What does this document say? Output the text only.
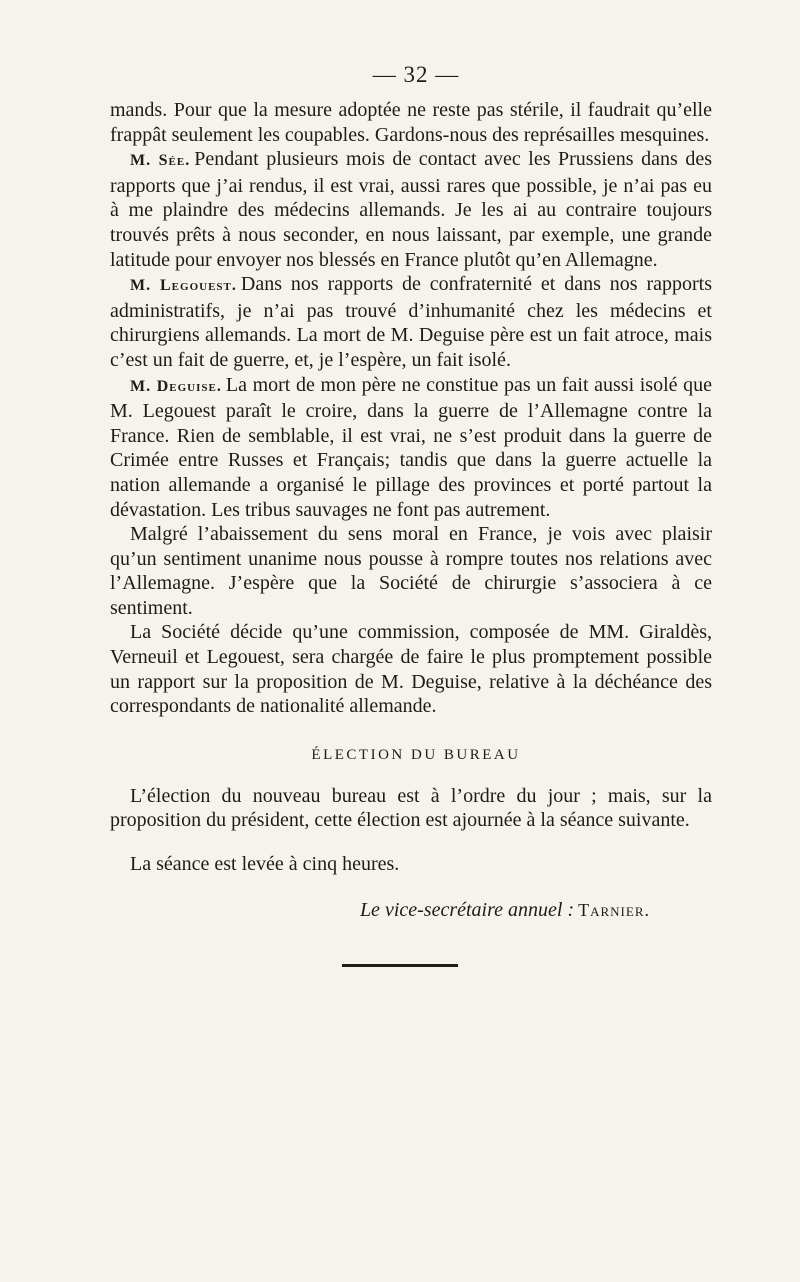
— 32 —

mands. Pour que la mesure adoptée ne reste pas stérile, il faudrait qu’elle frappât seulement les coupables. Gardons-nous des représailles mesquines.

M. Sée. Pendant plusieurs mois de contact avec les Prussiens dans des rapports que j’ai rendus, il est vrai, aussi rares que possible, je n’ai pas eu à me plaindre des médecins allemands. Je les ai au contraire toujours trouvés prêts à nous seconder, en nous laissant, par exemple, une grande latitude pour envoyer nos blessés en France plutôt qu’en Allemagne.

M. Legouest. Dans nos rapports de confraternité et dans nos rapports administratifs, je n’ai pas trouvé d’inhumanité chez les médecins et chirurgiens allemands. La mort de M. Deguise père est un fait atroce, mais c’est un fait de guerre, et, je l’espère, un fait isolé.

M. Deguise. La mort de mon père ne constitue pas un fait aussi isolé que M. Legouest paraît le croire, dans la guerre de l’Allemagne contre la France. Rien de semblable, il est vrai, ne s’est produit dans la guerre de Crimée entre Russes et Français; tandis que dans la guerre actuelle la nation allemande a organisé le pillage des provinces et porté partout la dévastation. Les tribus sauvages ne font pas autrement.

Malgré l’abaissement du sens moral en France, je vois avec plaisir qu’un sentiment unanime nous pousse à rompre toutes nos relations avec l’Allemagne. J’espère que la Société de chirurgie s’associera à ce sentiment.

La Société décide qu’une commission, composée de MM. Giraldès, Verneuil et Legouest, sera chargée de faire le plus promptement possible un rapport sur la proposition de M. Deguise, relative à la déchéance des correspondants de nationalité allemande.

ÉLECTION DU BUREAU

L’élection du nouveau bureau est à l’ordre du jour ; mais, sur la proposition du président, cette élection est ajournée à la séance suivante.

La séance est levée à cinq heures.

Le vice-secrétaire annuel : Tarnier.
